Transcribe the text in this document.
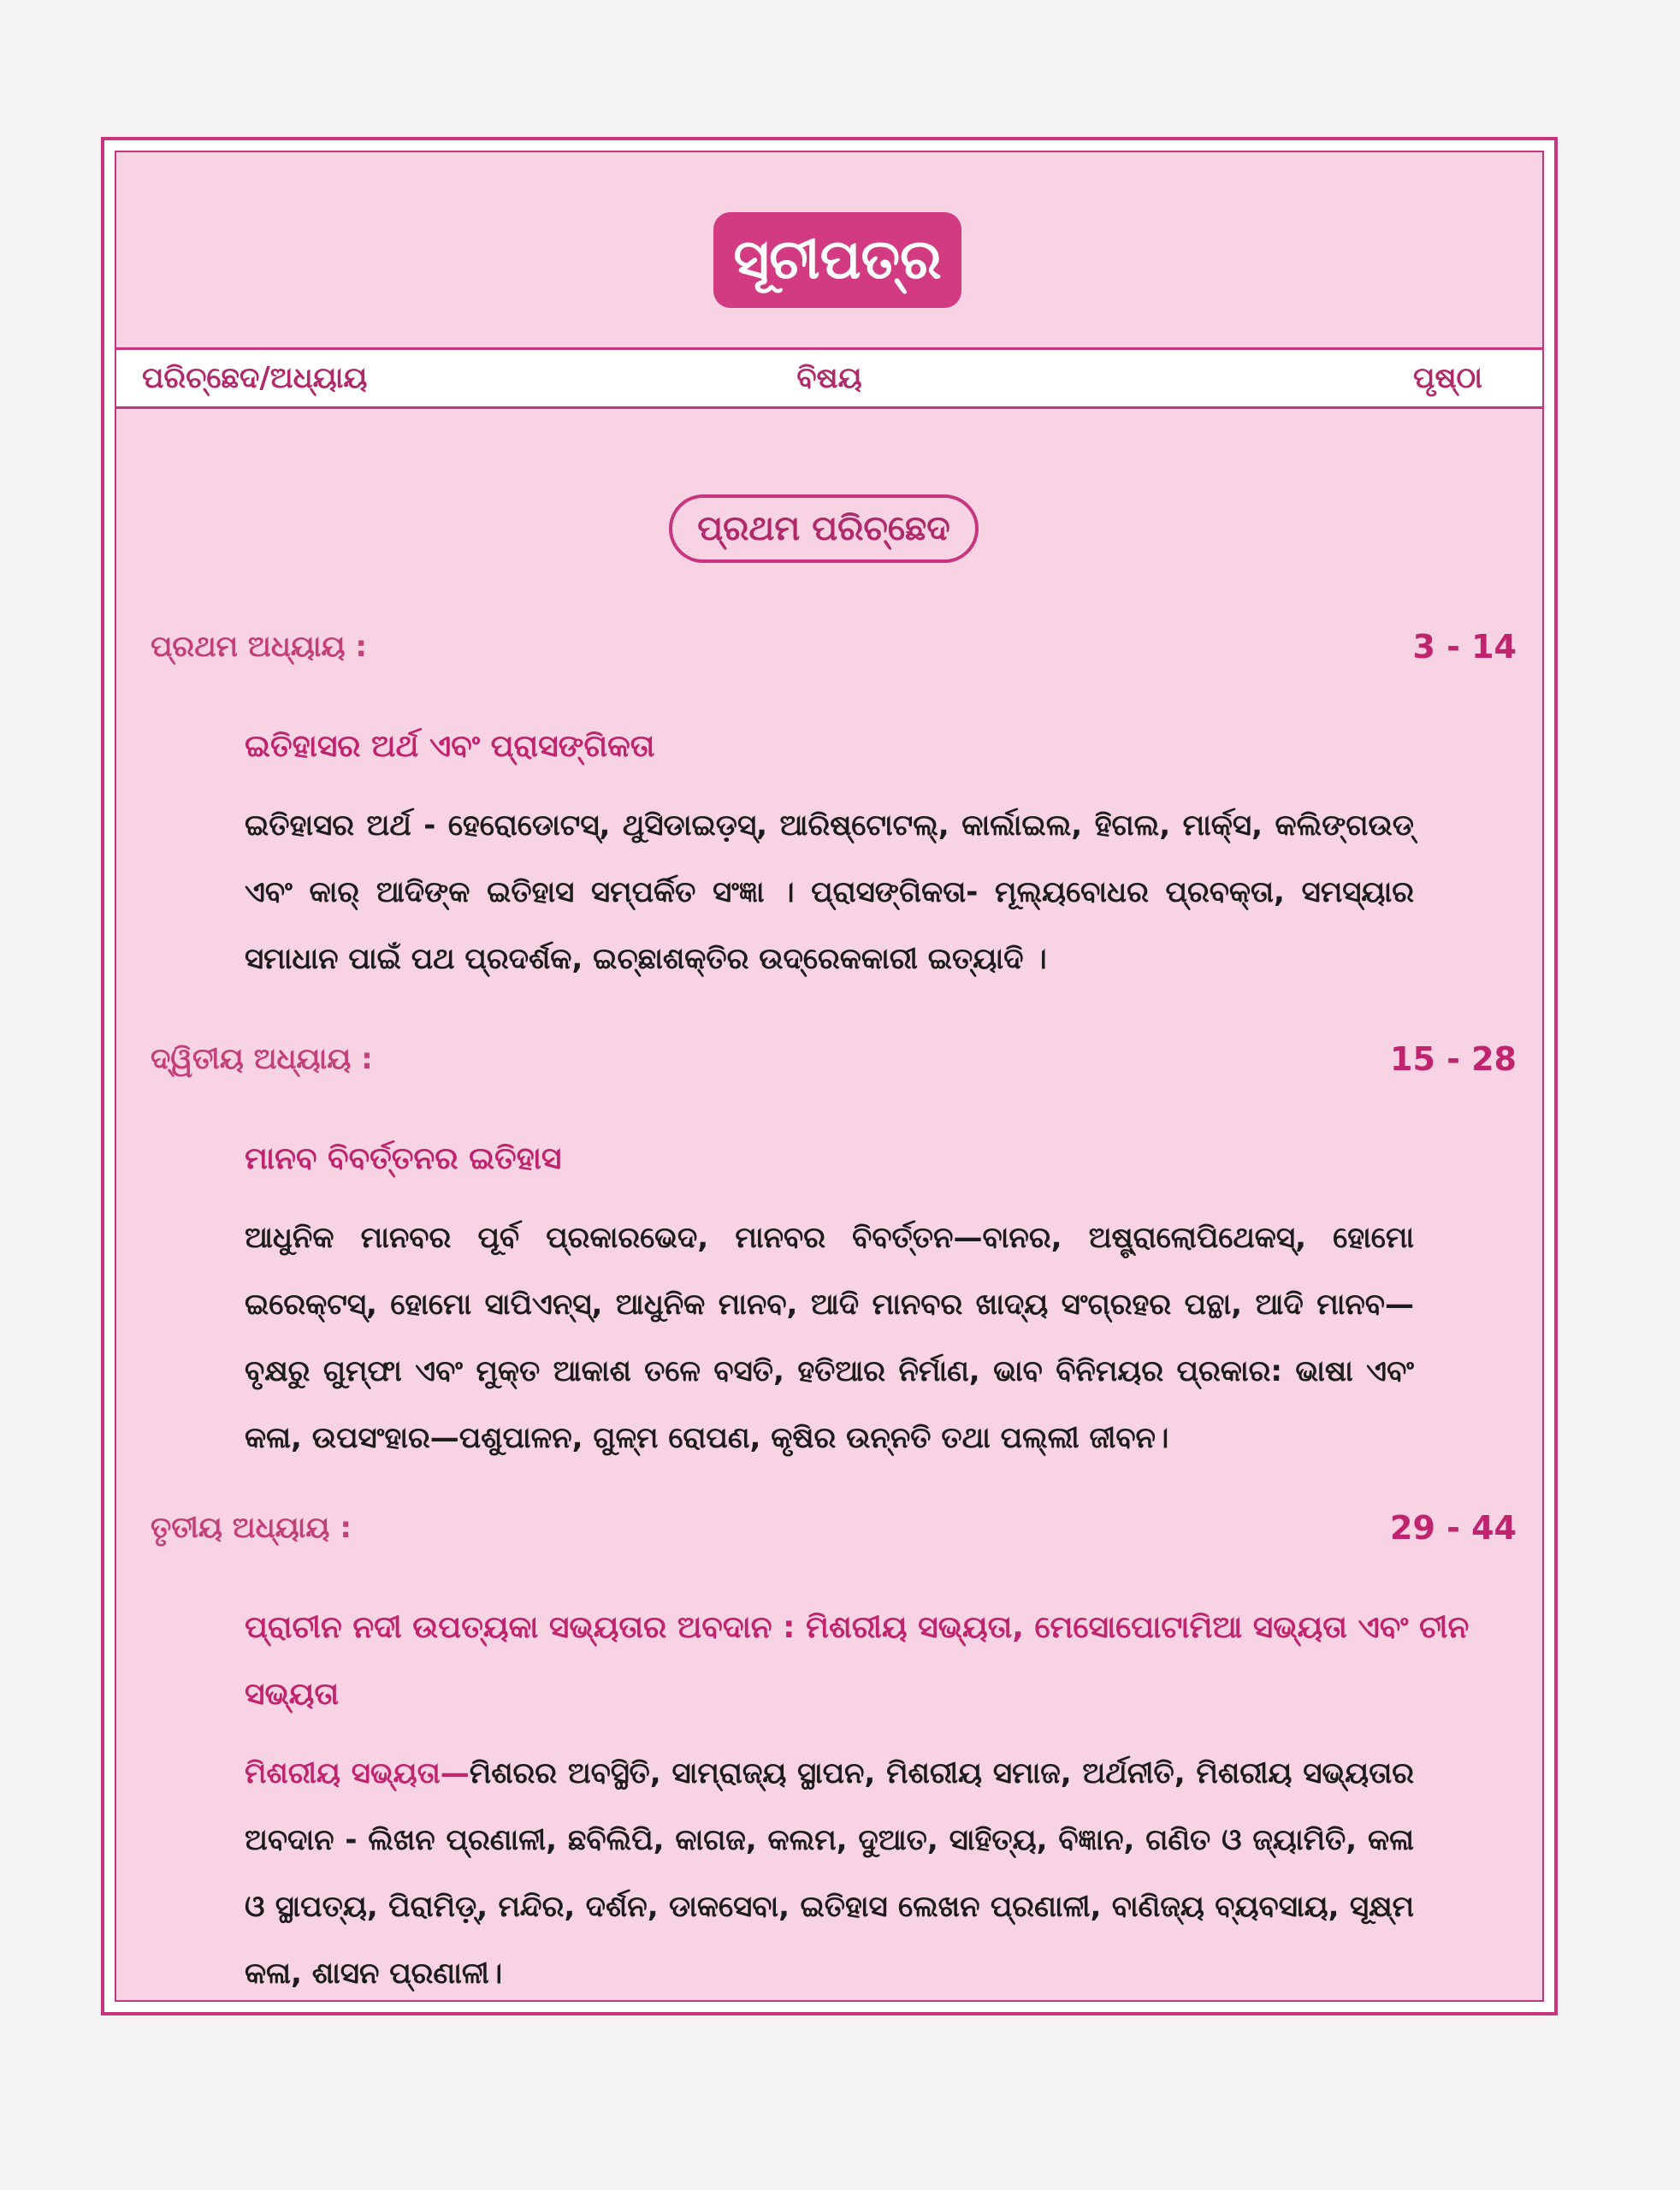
ସୂଚୀପତ୍ର
ପରିଚ୍ଛେଦ/ଅଧ୍ୟାୟ	ବିଷୟ	ପୃଷ୍ଠା
ପ୍ରଥମ ପରିଚ୍ଛେଦ
ପ୍ରଥମ ଅଧ୍ୟାୟ :	3 - 14
ଇତିହାସର ଅର୍ଥ ଏବଂ ପ୍ରାସଙ୍ଗିକତା
ଇତିହାସର ଅର୍ଥ - ହେରୋଡୋଟସ୍, ଥୁସିଡାଇଡ଼ସ୍, ଆରିଷ୍ଟୋଟଲ୍, କାର୍ଲାଇଲ, ହିଗଲ, ମାର୍କ୍ସ, କଲିଙ୍ଗଉଡ୍ ଏବଂ କାର୍ ଆଦିଙ୍କ ଇତିହାସ ସମ୍ପର୍କିତ ସଂଜ୍ଞା । ପ୍ରାସଙ୍ଗିକତା- ମୂଲ୍ୟବୋଧର ପ୍ରବକ୍ତା, ସମସ୍ୟାର ସମାଧାନ ପାଇଁ ପଥ ପ୍ରଦର୍ଶକ, ଇଚ୍ଛାଶକ୍ତିର ଉଦ୍ରେକକାରୀ ଇତ୍ୟାଦି ।
ଦ୍ୱିତୀୟ ଅଧ୍ୟାୟ :	15 - 28
ମାନବ ବିବର୍ତ୍ତନର ଇତିହାସ
ଆଧୁନିକ ମାନବର ପୂର୍ବ ପ୍ରକାରଭେଦ, ମାନବର ବିବର୍ତ୍ତନ—ବାନର, ଅଷ୍ଟ୍ରାଲୋପିଥେକସ୍, ହୋମୋ ଇରେକ୍ଟସ୍, ହୋମୋ ସାପିଏନ୍ସ୍, ଆଧୁନିକ ମାନବ, ଆଦି ମାନବର ଖାଦ୍ୟ ସଂଗ୍ରହର ପନ୍ଥା, ଆଦି ମାନବ—ବୃକ୍ଷରୁ ଗୁମ୍ଫା ଏବଂ ମୁକ୍ତ ଆକାଶ ତଳେ ବସତି, ହତିଆର ନିର୍ମାଣ, ଭାବ ବିନିମୟର ପ୍ରକାର: ଭାଷା ଏବଂ କଳା, ଉପସଂହାର—ପଶୁପାଳନ, ଗୁଳ୍ମ ରୋପଣ, କୃଷିର ଉନ୍ନତି ତଥା ପଲ୍ଲୀ ଜୀବନ।
ତୃତୀୟ ଅଧ୍ୟାୟ :	29 - 44
ପ୍ରାଚୀନ ନଦୀ ଉପତ୍ୟକା ସଭ୍ୟତାର ଅବଦାନ : ମିଶରୀୟ ସଭ୍ୟତା, ମେସୋପୋଟାମିଆ ସଭ୍ୟତା ଏବଂ ଚୀନ ସଭ୍ୟତା
ମିଶରୀୟ ସଭ୍ୟତା—ମିଶରର ଅବସ୍ଥିତି, ସାମ୍ରାଜ୍ୟ ସ୍ଥାପନ, ମିଶରୀୟ ସମାଜ, ଅର୍ଥନୀତି, ମିଶରୀୟ ସଭ୍ୟତାର ଅବଦାନ - ଲିଖନ ପ୍ରଣାଳୀ, ଛବିଲିପି, କାଗଜ, କଲମ, ଦୁଆତ, ସାହିତ୍ୟ, ବିଜ୍ଞାନ, ଗଣିତ ଓ ଜ୍ୟାମିତି, କଳା ଓ ସ୍ଥାପତ୍ୟ, ପିରାମିଡ଼୍, ମନ୍ଦିର, ଦର୍ଶନ, ଡାକସେବା, ଇତିହାସ ଲେଖନ ପ୍ରଣାଳୀ, ବାଣିଜ୍ୟ ବ୍ୟବସାୟ, ସୂକ୍ଷ୍ମ କଳା, ଶାସନ ପ୍ରଣାଳୀ।
